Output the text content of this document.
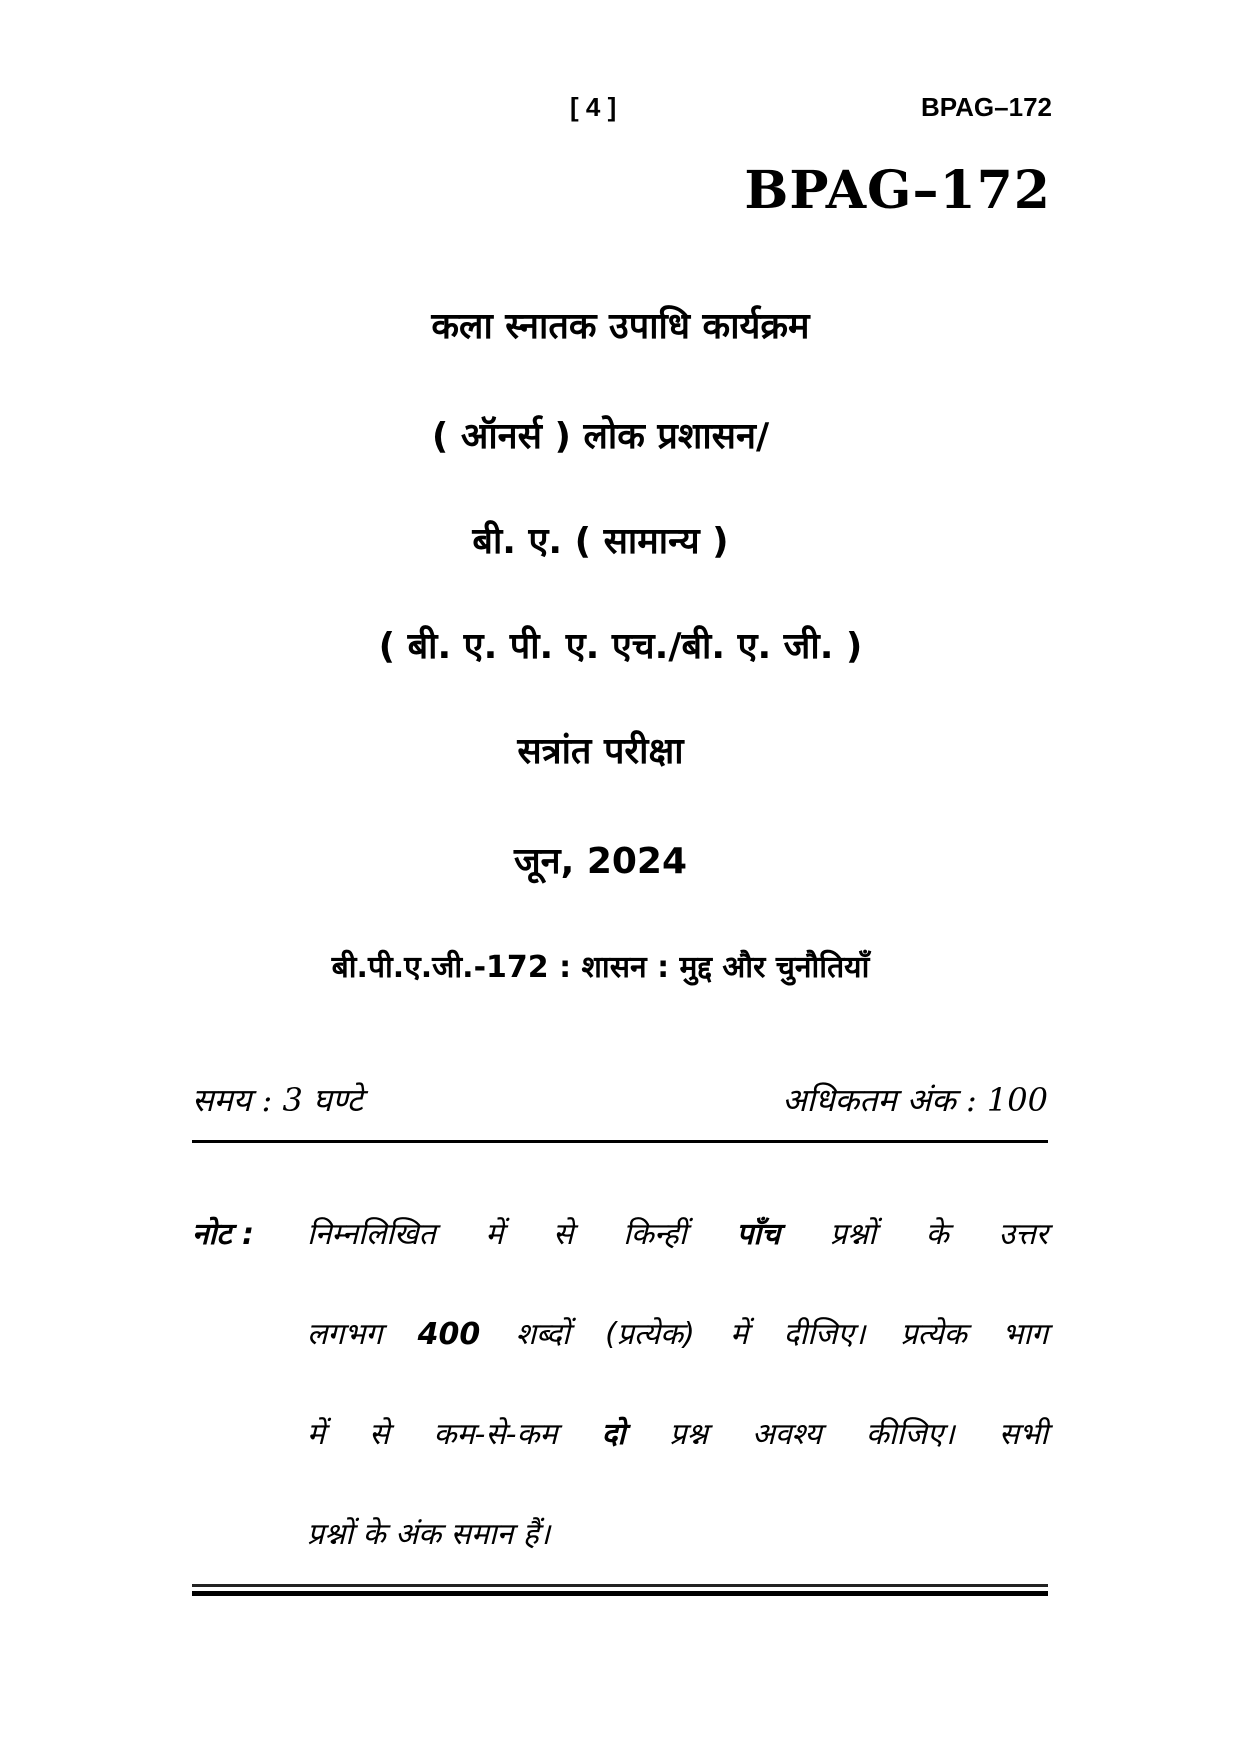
[ 4 ]	BPAG–172
BPAG–172
कला स्नातक उपाधि कार्यक्रम
( ऑनर्स ) लोक प्रशासन/
बी. ए. ( सामान्य )
( बी. ए. पी. ए. एच./बी. ए. जी. )
सत्रांत परीक्षा
जून, 2024
बी.पी.ए.जी.-172 : शासन : मुद्द और चुनौतियाँ
समय : 3 घण्टे	अधिकतम अंक : 100
नोट : निम्नलिखित में से किन्हीं पाँच प्रश्नों के उत्तर
लगभग 400 शब्दों (प्रत्येक) में दीजिए। प्रत्येक भाग
में से कम-से-कम दो प्रश्न अवश्य कीजिए। सभी
प्रश्नों के अंक समान हैं।
